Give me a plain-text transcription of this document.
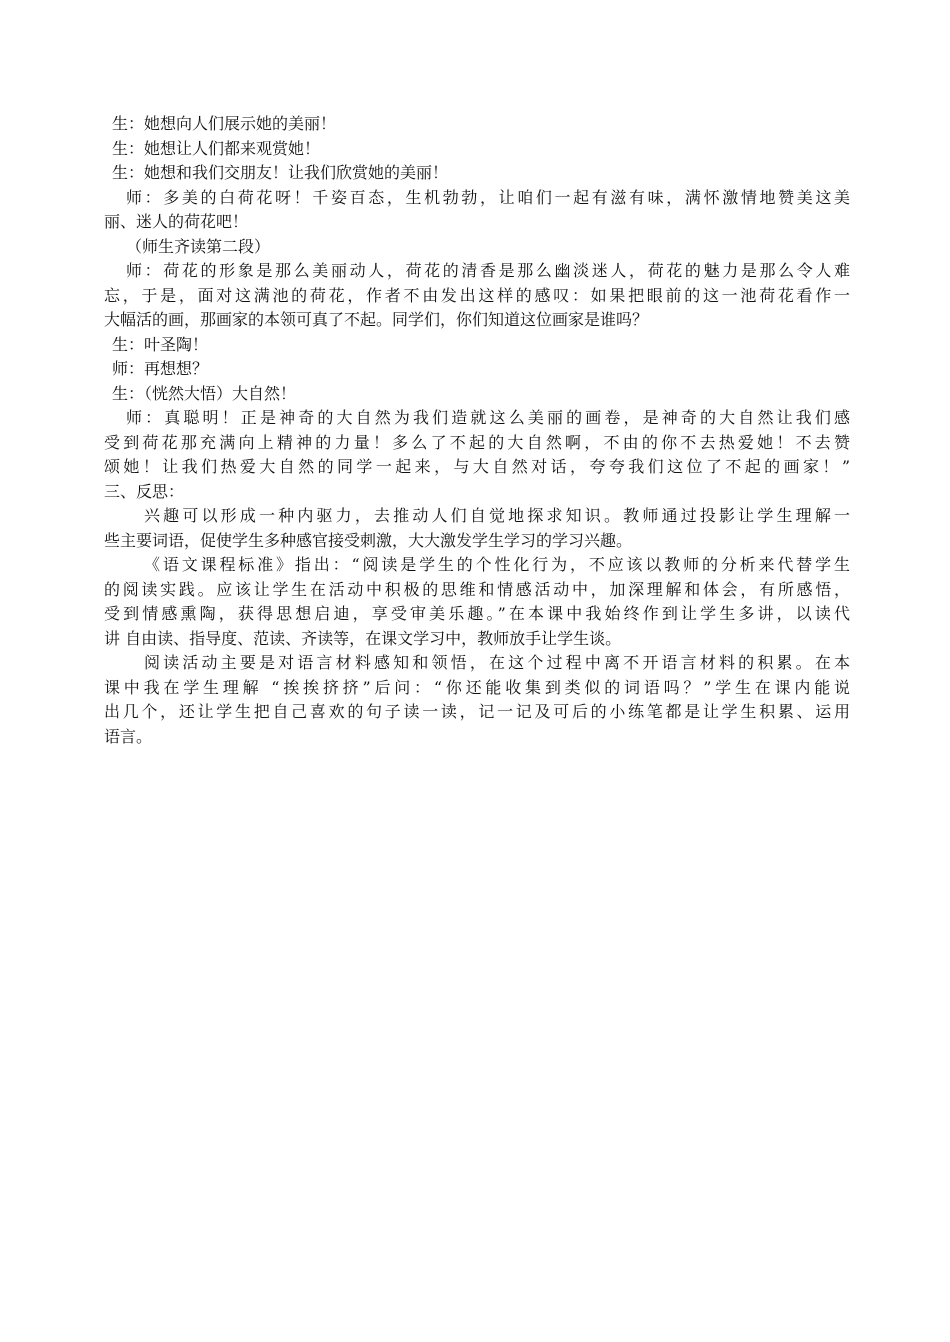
生：她想向人们展示她的美丽！
生：她想让人们都来观赏她！
生：她想和我们交朋友！让我们欣赏她的美丽！
师：多美的白荷花呀！千姿百态，生机勃勃，让咱们一起有滋有味，满怀激情地赞美这美
丽、迷人的荷花吧！
（师生齐读第二段）
师：荷花的形象是那么美丽动人，荷花的清香是那么幽淡迷人，荷花的魅力是那么令人难
忘，于是，面对这满池的荷花，作者不由发出这样的感叹：如果把眼前的这一池荷花看作一
大幅活的画，那画家的本领可真了不起。同学们，你们知道这位画家是谁吗？
生：叶圣陶！
师：再想想？
生：（恍然大悟）大自然！
师：真聪明！正是神奇的大自然为我们造就这么美丽的画卷，是神奇的大自然让我们感
受到荷花那充满向上精神的力量！多么了不起的大自然啊，不由的你不去热爱她！不去赞
颂她！让我们热爱大自然的同学一起来，与大自然对话，夸夸我们这位了不起的画家！”
三、反思：
兴趣可以形成一种内驱力，去推动人们自觉地探求知识。教师通过投影让学生理解一
些主要词语，促使学生多种感官接受刺激，大大激发学生学习的学习兴趣。
《语文课程标准》指出：“阅读是学生的个性化行为，不应该以教师的分析来代替学生
的阅读实践。应该让学生在活动中积极的思维和情感活动中，加深理解和体会，有所感悟，
受到情感熏陶，获得思想启迪，享受审美乐趣。”在本课中我始终作到让学生多讲，以读代
讲 自由读、指导度、范读、齐读等，在课文学习中，教师放手让学生谈。
阅读活动主要是对语言材料感知和领悟，在这个过程中离不开语言材料的积累。在本
课中我在学生理解 “挨挨挤挤”后问：“你还能收集到类似的词语吗？”学生在课内能说
出几个，还让学生把自己喜欢的句子读一读，记一记及可后的小练笔都是让学生积累、运用
语言。
